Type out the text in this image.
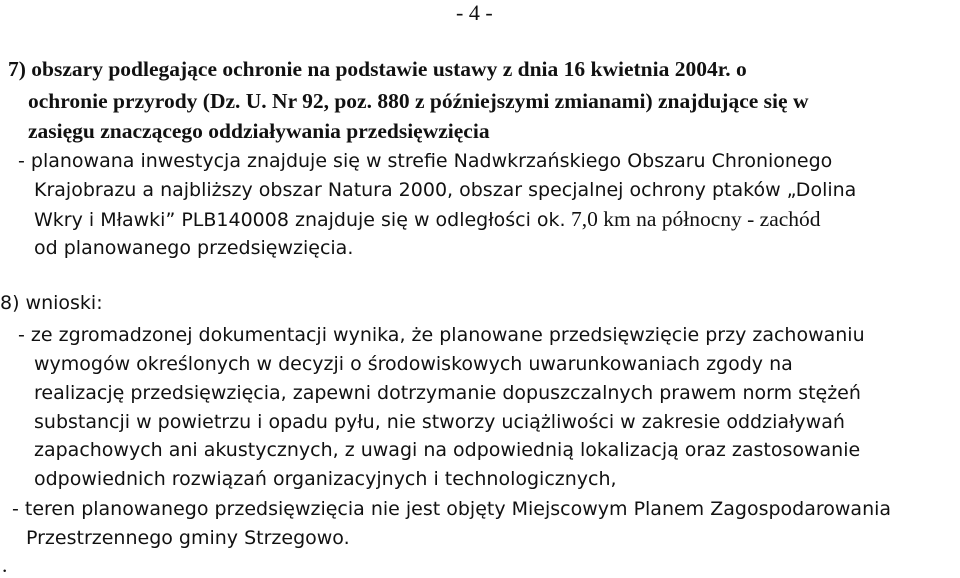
- 4 -
7) obszary podlegające ochronie na podstawie ustawy z dnia 16 kwietnia 2004r. o
ochronie przyrody (Dz. U. Nr 92, poz. 880 z późniejszymi zmianami) znajdujące się w
zasięgu znaczącego oddziaływania przedsięwzięcia
- planowana inwestycja znajduje się w strefie Nadwkrzańskiego Obszaru Chronionego
Krajobrazu a najbliższy obszar Natura 2000, obszar specjalnej ochrony ptaków „Dolina
Wkry i Mławki” PLB140008 znajduje się w odległości ok. 7,0 km na północny - zachód
od planowanego przedsięwzięcia.
8) wnioski:
- ze zgromadzonej dokumentacji wynika, że planowane przedsięwzięcie przy zachowaniu
wymogów określonych w decyzji o środowiskowych uwarunkowaniach zgody na
realizację przedsięwzięcia, zapewni dotrzymanie dopuszczalnych prawem norm stężeń
substancji w powietrzu i opadu pyłu, nie stworzy uciążliwości w zakresie oddziaływań
zapachowych ani akustycznych, z uwagi na odpowiednią lokalizacją oraz zastosowanie
odpowiednich rozwiązań organizacyjnych i technologicznych,
- teren planowanego przedsięwzięcia nie jest objęty Miejscowym Planem Zagospodarowania
Przestrzennego gminy Strzegowo.
.
